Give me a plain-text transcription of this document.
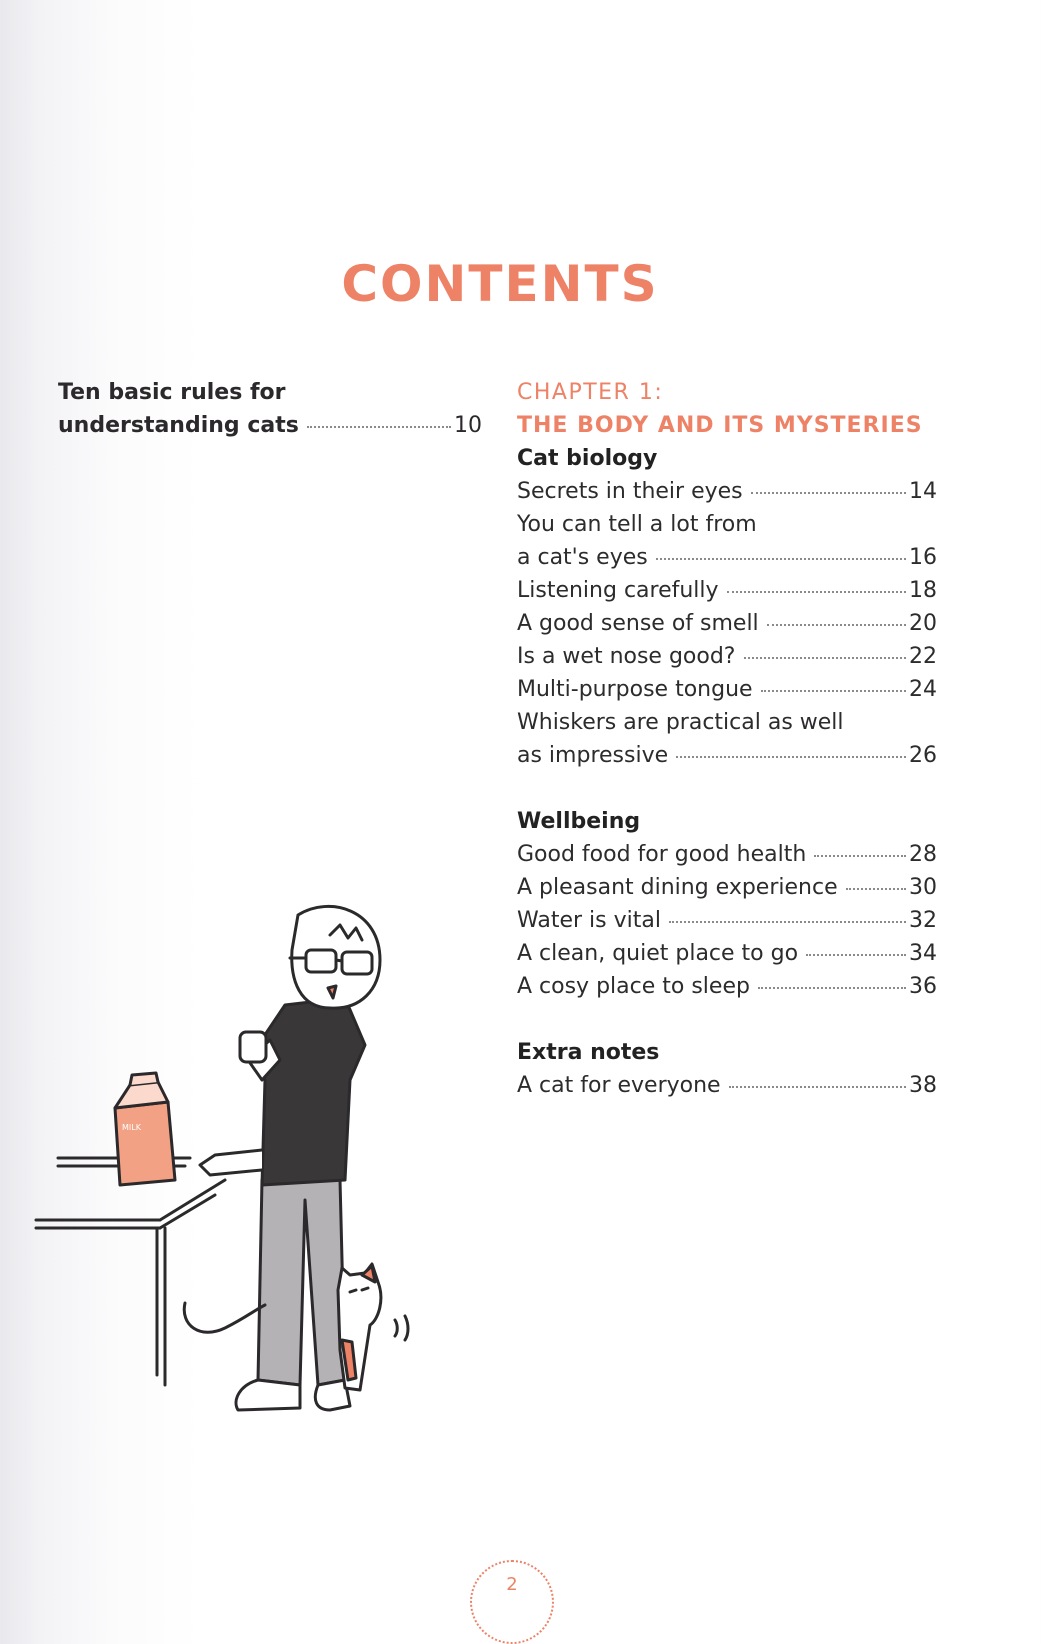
CONTENTS
Ten basic rules for
understanding cats	10
CHAPTER 1:
THE BODY AND ITS MYSTERIES
Cat biology
Secrets in their eyes	14
You can tell a lot from
a cat's eyes	16
Listening carefully	18
A good sense of smell	20
Is a wet nose good?	22
Multi-purpose tongue	24
Whiskers are practical as well
as impressive	26
Wellbeing
Good food for good health	28
A pleasant dining experience	30
Water is vital	32
A clean, quiet place to go	34
A cosy place to sleep	36
Extra notes
A cat for everyone	38
MILK
2
